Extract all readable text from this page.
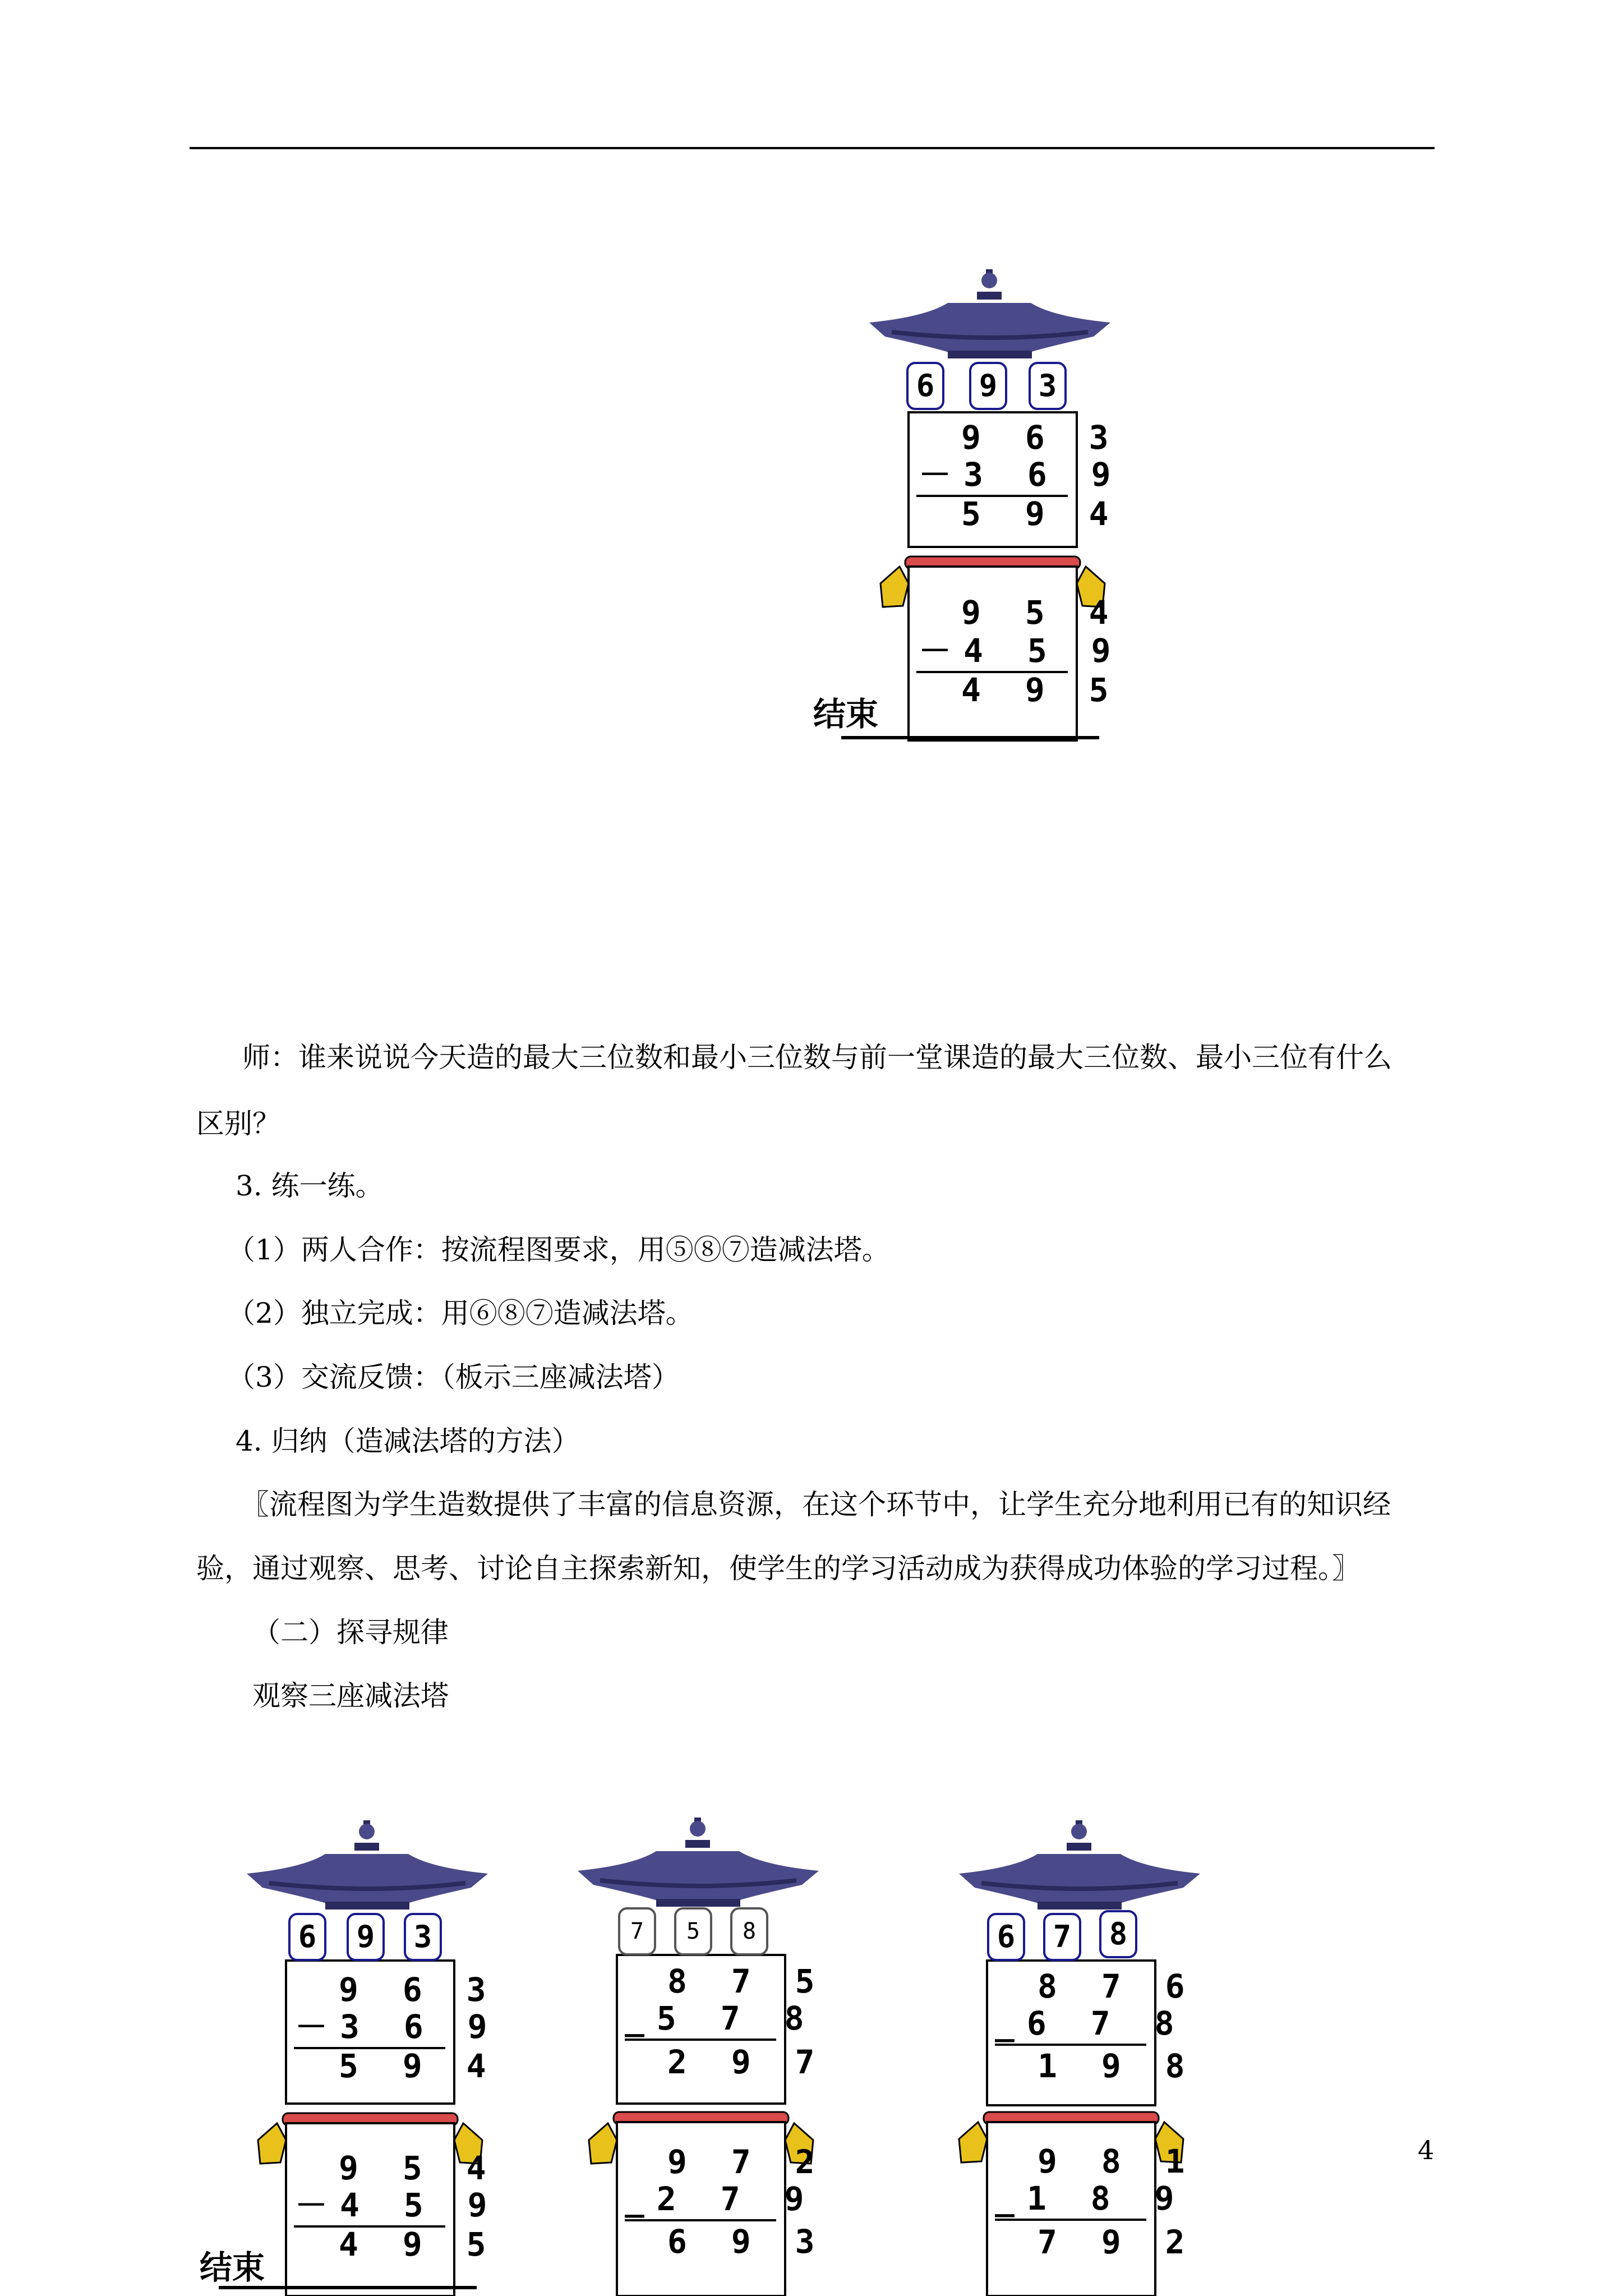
6	9	3
9 6 3
－3 6 9
5 9 4
9 5 4
－4 5 9
4 9 5
结束
师：谁来说说今天造的最大三位数和最小三位数与前一堂课造的最大三位数、最小三位有什么
区别？
3. 练一练。
（1）两人合作：按流程图要求，用⑤⑧⑦造减法塔。
（2）独立完成：用⑥⑧⑦造减法塔。
（3）交流反馈：（板示三座减法塔）
4. 归纳（造减法塔的方法）
〖流程图为学生造数提供了丰富的信息资源，在这个环节中，让学生充分地利用已有的知识经
验，通过观察、思考、讨论自主探索新知，使学生的学习活动成为获得成功体验的学习过程。〗
（二）探寻规律
观察三座减法塔
6	9	3
9 6 3
－3 6 9
5 9 4
9 5 4
－4 5 9
4 9 5
结束
7	5	8
8 7 5
_5 7 8
2 9 7
9 7 2
_2 7 9
6 9 3
6	7	8
8 7 6
_6 7 8
1 9 8
9 8 1
_1 8 9
7 9 2
4
